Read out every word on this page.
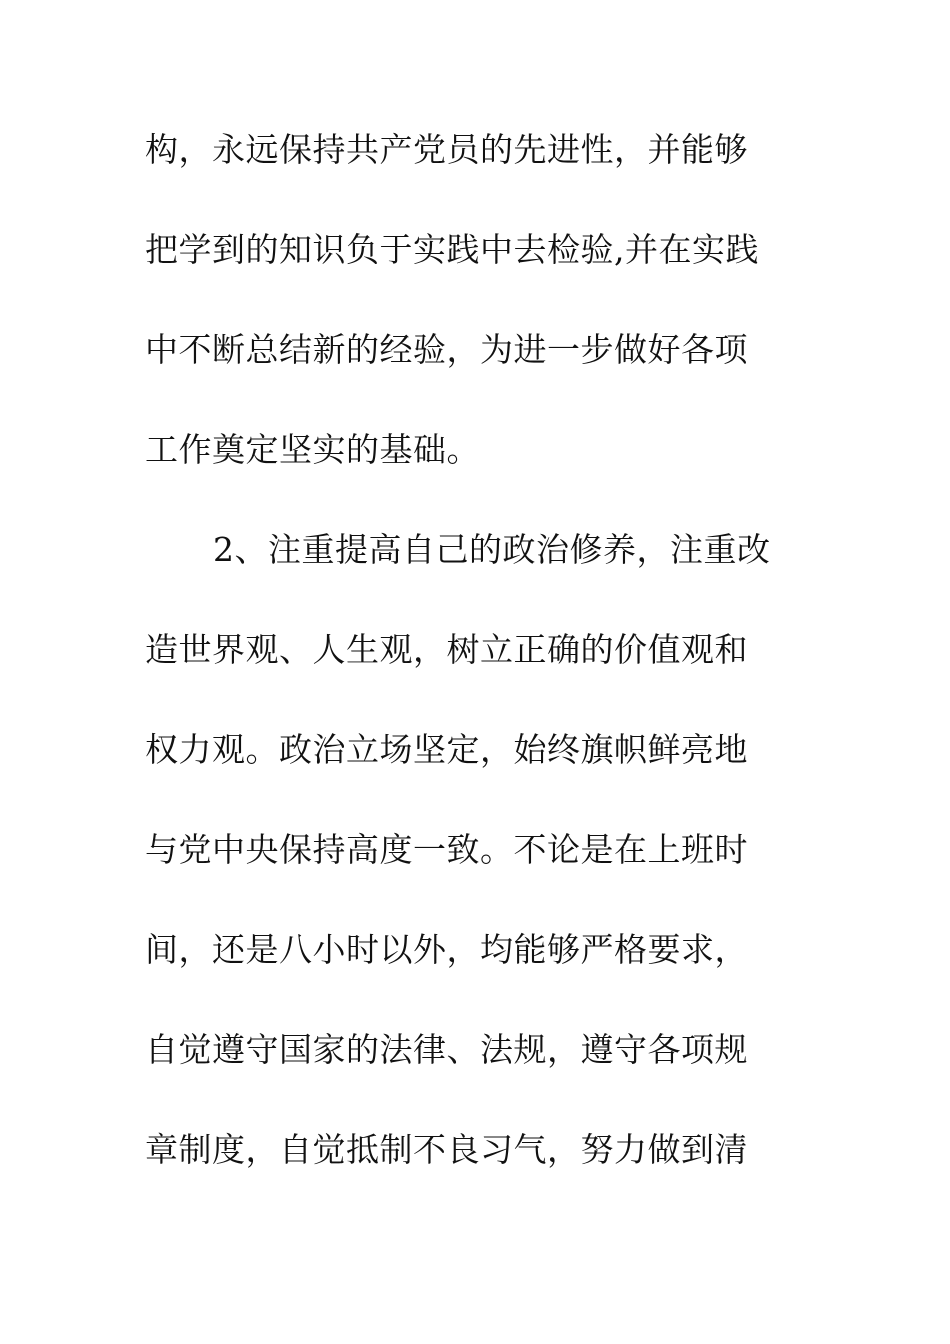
构，永远保持共产党员的先进性，并能够
把学到的知识负于实践中去检验,并在实践
中不断总结新的经验，为进一步做好各项
工作奠定坚实的基础。
2、注重提高自己的政治修养，注重改
造世界观、人生观，树立正确的价值观和
权力观。政治立场坚定，始终旗帜鲜亮地
与党中央保持高度一致。不论是在上班时
间，还是八小时以外，均能够严格要求，
自觉遵守国家的法律、法规，遵守各项规
章制度，自觉抵制不良习气，努力做到清
